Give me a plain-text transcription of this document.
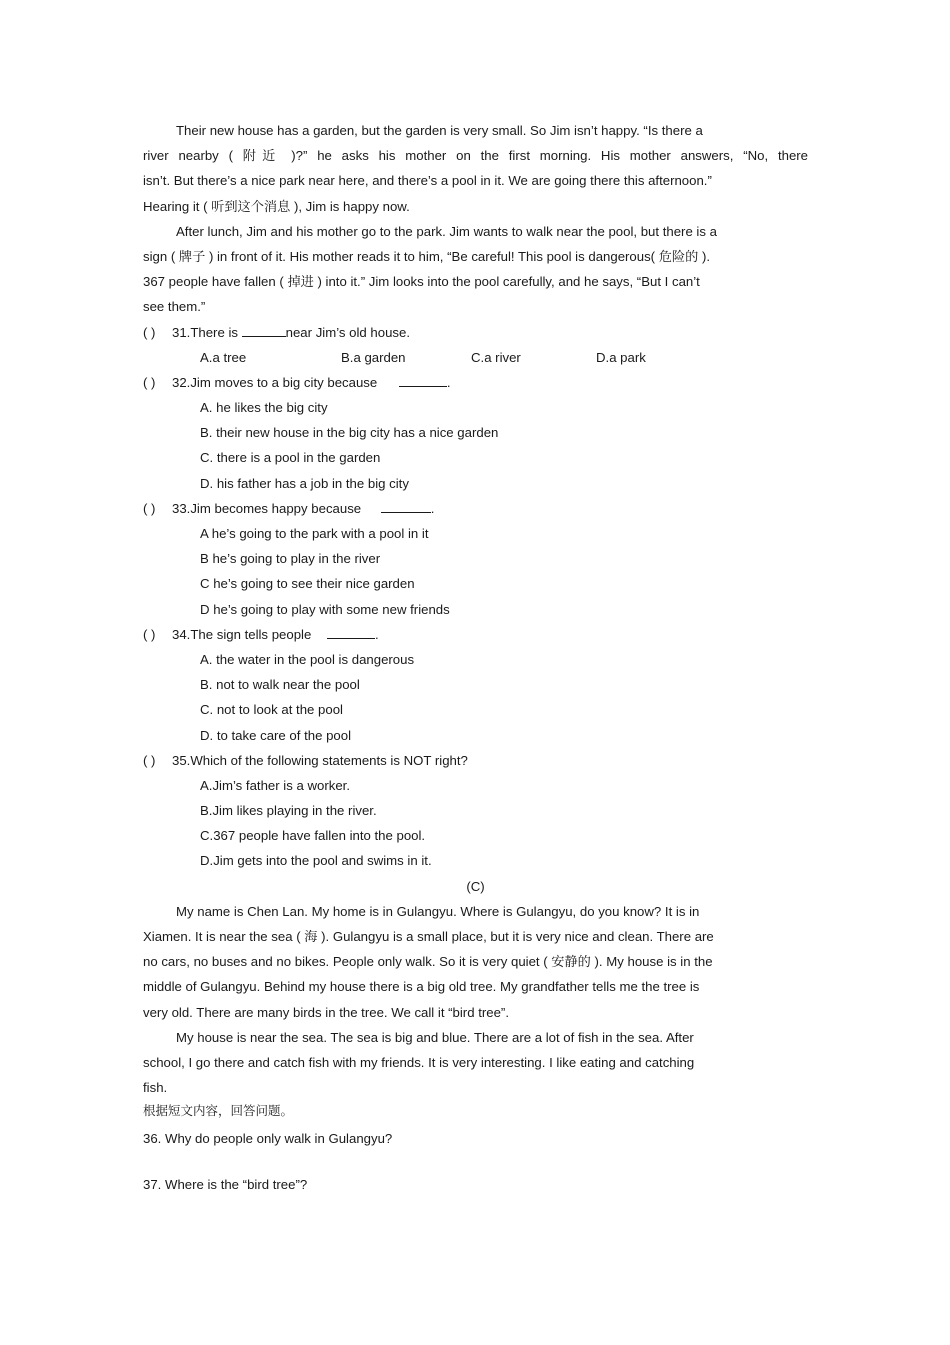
Their new house has a garden, but the garden is very small. So Jim isn’t happy. “Is there a
river nearby ( 附近 )?” he asks his mother on the first morning. His mother answers, “No, there
isn’t. But there’s a nice park near here, and there’s a pool in it. We are going there this afternoon.”
Hearing it ( 听到这个消息 ), Jim is happy now.
After lunch, Jim and his mother go to the park. Jim wants to walk near the pool, but there is a
sign ( 牌子 ) in front of it. His mother reads it to him, “Be careful! This pool is dangerous( 危险的 ).
367 people have fallen ( 掉进 ) into it.” Jim looks into the pool carefully, and he says, “But I can’t
see them.”
( ) 31.There is	near Jim’s old house.
A.a tree	B.a garden	C.a river	D.a park
( ) 32.Jim moves to a big city because	.
A. he likes the big city
B. their new house in the big city has a nice garden
C. there is a pool in the garden
D. his father has a job in the big city
( ) 33.Jim becomes happy because	.
A he’s going to the park with a pool in it
B he’s going to play in the river
C he’s going to see their nice garden
D he’s going to play with some new friends
( ) 34.The sign tells people	.
A. the water in the pool is dangerous
B. not to walk near the pool
C. not to look at the pool
D. to take care of the pool
( ) 35.Which of the following statements is NOT right?
A.Jim’s father is a worker.
B.Jim likes playing in the river.
C.367 people have fallen into the pool.
D.Jim gets into the pool and swims in it.
(C)
My name is Chen Lan. My home is in Gulangyu. Where is Gulangyu, do you know? It is in
Xiamen. It is near the sea ( 海 ). Gulangyu is a small place, but it is very nice and clean. There are
no cars, no buses and no bikes. People only walk. So it is very quiet ( 安静的 ). My house is in the
middle of Gulangyu. Behind my house there is a big old tree. My grandfather tells me the tree is
very old. There are many birds in the tree. We call it “bird tree”.
My house is near the sea. The sea is big and blue. There are a lot of fish in the sea. After
school, I go there and catch fish with my friends. It is very interesting. I like eating and catching
fish.
根据短文内容，回答问题。
36. Why do people only walk in Gulangyu?
37. Where is the “bird tree”?
